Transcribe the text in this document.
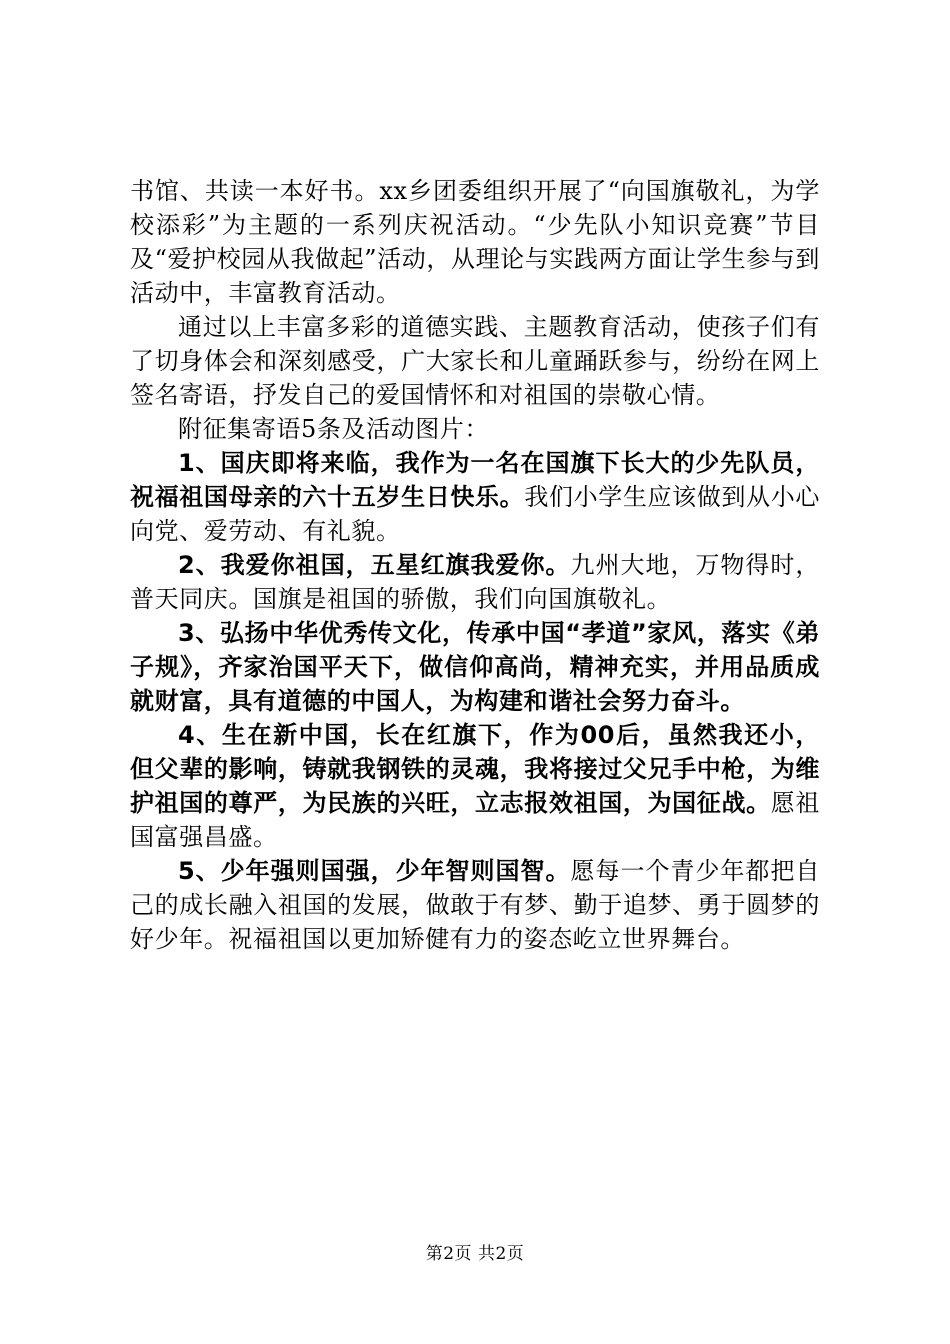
书馆、共读一本好书。xx乡团委组织开展了“向国旗敬礼，为学校添彩”为主题的一系列庆祝活动。“少先队小知识竞赛”节目及“爱护校园从我做起”活动，从理论与实践两方面让学生参与到活动中，丰富教育活动。

通过以上丰富多彩的道德实践、主题教育活动，使孩子们有了切身体会和深刻感受，广大家长和儿童踊跃参与，纷纷在网上签名寄语，抒发自己的爱国情怀和对祖国的崇敬心情。

附征集寄语5条及活动图片：

1、国庆即将来临，我作为一名在国旗下长大的少先队员，祝福祖国母亲的六十五岁生日快乐。我们小学生应该做到从小心向党、爱劳动、有礼貌。

2、我爱你祖国，五星红旗我爱你。九州大地，万物得时，普天同庆。国旗是祖国的骄傲，我们向国旗敬礼。

3、弘扬中华优秀传文化，传承中国“孝道”家风，落实《弟子规》，齐家治国平天下，做信仰高尚，精神充实，并用品质成就财富，具有道德的中国人，为构建和谐社会努力奋斗。

4、生在新中国，长在红旗下，作为00后，虽然我还小，但父辈的影响，铸就我钢铁的灵魂，我将接过父兄手中枪，为维护祖国的尊严，为民族的兴旺，立志报效祖国，为国征战。愿祖国富强昌盛。

5、少年强则国强，少年智则国智。愿每一个青少年都把自己的成长融入祖国的发展，做敢于有梦、勤于追梦、勇于圆梦的好少年。祝福祖国以更加矫健有力的姿态屹立世界舞台。

第2页 共2页
